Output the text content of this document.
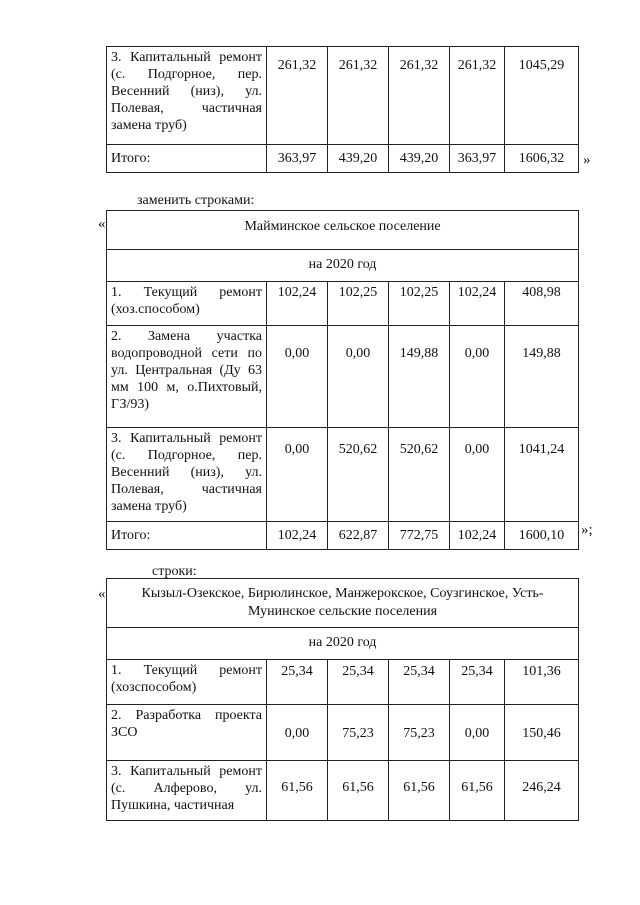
3. Капитальный ремонт (с. Подгорное, пер. Весенний (низ), ул. Полевая, частичная замена труб)	261,32	261,32	261,32	261,32	1045,29
Итого:	363,97	439,20	439,20	363,97	1606,32 »
заменить строками:
«	Майминское сельское поселение					
на 2020 год					
1. Текущий ремонт (хоз.способом)	102,24	102,25	102,25	102,24	408,98
2. Замена участка водопроводной сети по ул. Центральная (Ду 63 мм 100 м, о.Пихтовый, ГЗ/93)	0,00	0,00	149,88	0,00	149,88
3. Капитальный ремонт (с. Подгорное, пер. Весенний (низ), ул. Полевая, частичная замена труб)	0,00	520,62	520,62	0,00	1041,24
Итого:	102,24	622,87	772,75	102,24	1600,10 »;
строки:
«	Кызыл-Озекское, Бирюлинское, Манжерокское, Соузгинское, Усть-Мунинское сельские поселения					
на 2020 год					
1. Текущий ремонт (хозспособом)	25,34	25,34	25,34	25,34	101,36
2. Разработка проекта ЗСО	0,00	75,23	75,23	0,00	150,46
3. Капитальный ремонт (с. Алферово, ул. Пушкина, частичная	61,56	61,56	61,56	61,56	246,24
